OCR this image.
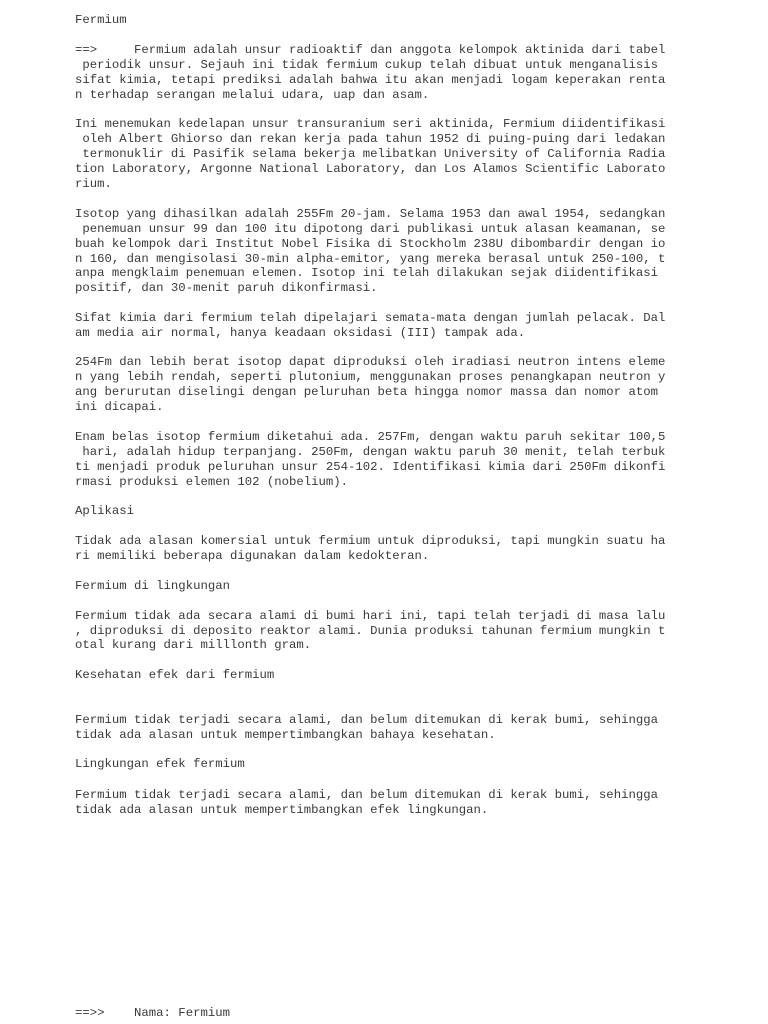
Fermium

==>     Fermium adalah unsur radioaktif dan anggota kelompok aktinida dari tabel

periodik unsur. Sejauh ini tidak fermium cukup telah dibuat untuk menganalisis

sifat kimia, tetapi prediksi adalah bahwa itu akan menjadi logam keperakan renta

n terhadap serangan melalui udara, uap dan asam.

Ini menemukan kedelapan unsur transuranium seri aktinida, Fermium diidentifikasi

oleh Albert Ghiorso dan rekan kerja pada tahun 1952 di puing-puing dari ledakan

termonuklir di Pasifik selama bekerja melibatkan University of California Radia

tion Laboratory, Argonne National Laboratory, dan Los Alamos Scientific Laborato

rium.

Isotop yang dihasilkan adalah 255Fm 20-jam. Selama 1953 dan awal 1954, sedangkan

penemuan unsur 99 dan 100 itu dipotong dari publikasi untuk alasan keamanan, se

buah kelompok dari Institut Nobel Fisika di Stockholm 238U dibombardir dengan io

n 160, dan mengisolasi 30-min alpha-emitor, yang mereka berasal untuk 250-100, t

anpa mengklaim penemuan elemen. Isotop ini telah dilakukan sejak diidentifikasi

positif, dan 30-menit paruh dikonfirmasi.

Sifat kimia dari fermium telah dipelajari semata-mata dengan jumlah pelacak. Dal

am media air normal, hanya keadaan oksidasi (III) tampak ada.

254Fm dan lebih berat isotop dapat diproduksi oleh iradiasi neutron intens eleme

n yang lebih rendah, seperti plutonium, menggunakan proses penangkapan neutron y

ang berurutan diselingi dengan peluruhan beta hingga nomor massa dan nomor atom

ini dicapai.

Enam belas isotop fermium diketahui ada. 257Fm, dengan waktu paruh sekitar 100,5

hari, adalah hidup terpanjang. 250Fm, dengan waktu paruh 30 menit, telah terbuk

ti menjadi produk peluruhan unsur 254-102. Identifikasi kimia dari 250Fm dikonfi

rmasi produksi elemen 102 (nobelium).

Aplikasi

Tidak ada alasan komersial untuk fermium untuk diproduksi, tapi mungkin suatu ha

ri memiliki beberapa digunakan dalam kedokteran.

Fermium di lingkungan

Fermium tidak ada secara alami di bumi hari ini, tapi telah terjadi di masa lalu

, diproduksi di deposito reaktor alami. Dunia produksi tahunan fermium mungkin t

otal kurang dari milllonth gram.

Kesehatan efek dari fermium

Fermium tidak terjadi secara alami, dan belum ditemukan di kerak bumi, sehingga

tidak ada alasan untuk mempertimbangkan bahaya kesehatan.

Lingkungan efek fermium

Fermium tidak terjadi secara alami, dan belum ditemukan di kerak bumi, sehingga

tidak ada alasan untuk mempertimbangkan efek lingkungan.

==>>    Nama: Fermium
